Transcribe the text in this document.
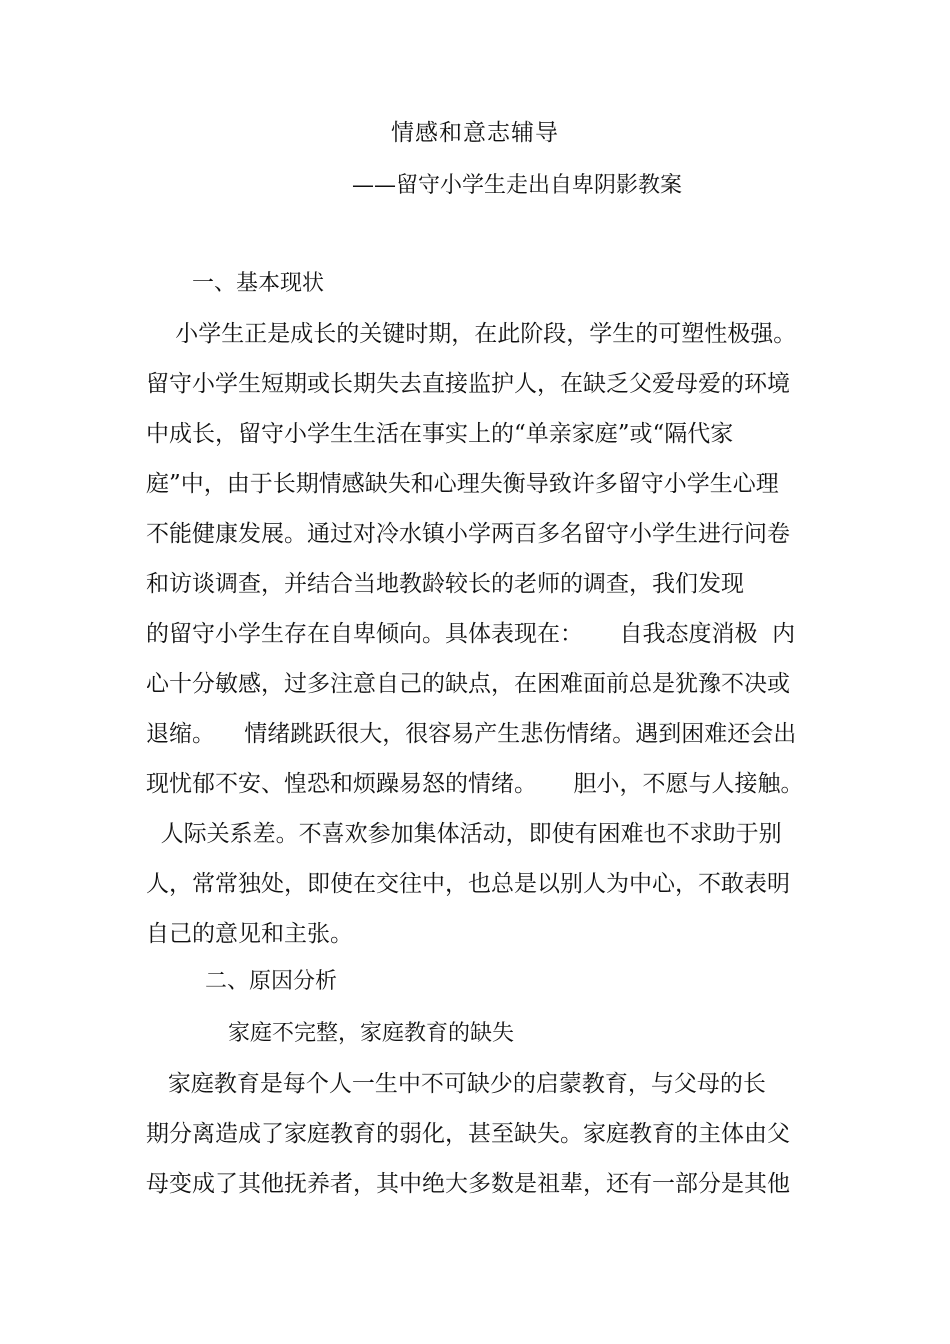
情感和意志辅导
——留守小学生走出自卑阴影教案
一、基本现状
小学生正是成长的关键时期，在此阶段，学生的可塑性极强。
留守小学生短期或长期失去直接监护人，在缺乏父爱母爱的环境
中成长，留守小学生生活在事实上的“单亲家庭”或“隔代家
庭”中，由于长期情感缺失和心理失衡导致许多留守小学生心理
不能健康发展。通过对冷水镇小学两百多名留守小学生进行问卷
和访谈调查，并结合当地教龄较长的老师的调查，我们发现
的留守小学生存在自卑倾向。具体表现在：     自我态度消极  内
心十分敏感，过多注意自己的缺点，在困难面前总是犹豫不决或
退缩。    情绪跳跃很大，很容易产生悲伤情绪。遇到困难还会出
现忧郁不安、惶恐和烦躁易怒的情绪。     胆小，不愿与人接触。
人际关系差。不喜欢参加集体活动，即使有困难也不求助于别
人，常常独处，即使在交往中，也总是以别人为中心，不敢表明
自己的意见和主张。
二、原因分析
家庭不完整，家庭教育的缺失
家庭教育是每个人一生中不可缺少的启蒙教育，与父母的长
期分离造成了家庭教育的弱化，甚至缺失。家庭教育的主体由父
母变成了其他抚养者，其中绝大多数是祖辈，还有一部分是其他
